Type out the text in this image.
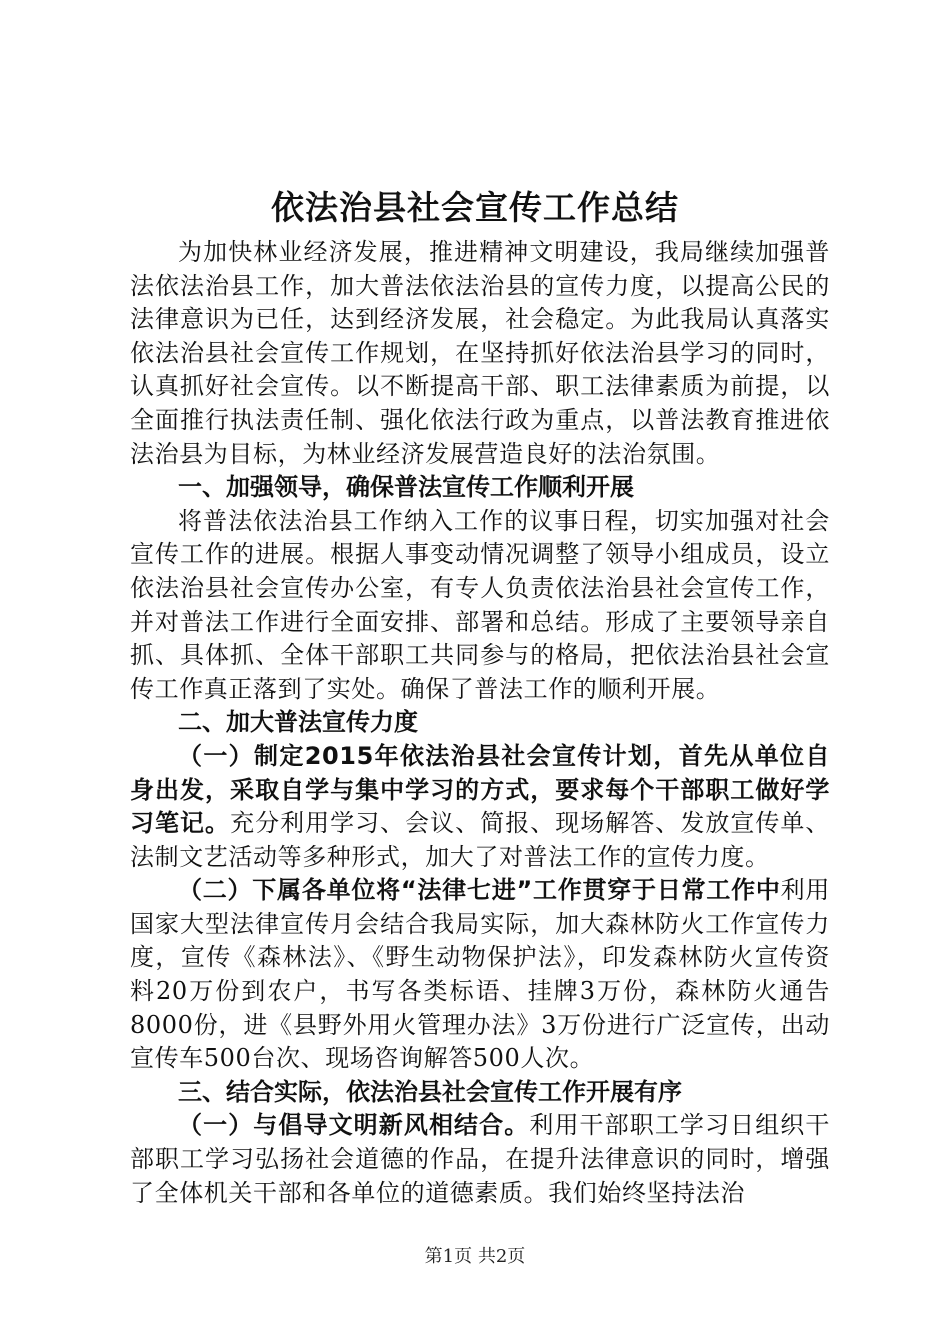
依法治县社会宣传工作总结

为加快林业经济发展，推进精神文明建设，我局继续加强普法依法治县工作，加大普法依法治县的宣传力度，以提高公民的法律意识为已任，达到经济发展，社会稳定。为此我局认真落实依法治县社会宣传工作规划，在坚持抓好依法治县学习的同时，认真抓好社会宣传。以不断提高干部、职工法律素质为前提，以全面推行执法责任制、强化依法行政为重点，以普法教育推进依法治县为目标，为林业经济发展营造良好的法治氛围。

一、加强领导，确保普法宣传工作顺利开展

将普法依法治县工作纳入工作的议事日程，切实加强对社会宣传工作的进展。根据人事变动情况调整了领导小组成员，设立依法治县社会宣传办公室，有专人负责依法治县社会宣传工作，并对普法工作进行全面安排、部署和总结。形成了主要领导亲自抓、具体抓、全体干部职工共同参与的格局，把依法治县社会宣传工作真正落到了实处。确保了普法工作的顺利开展。

二、加大普法宣传力度

（一）制定2015年依法治县社会宣传计划，首先从单位自身出发，采取自学与集中学习的方式，要求每个干部职工做好学习笔记。充分利用学习、会议、简报、现场解答、发放宣传单、法制文艺活动等多种形式，加大了对普法工作的宣传力度。

（二）下属各单位将“法律七进”工作贯穿于日常工作中利用国家大型法律宣传月会结合我局实际，加大森林防火工作宣传力度，宣传《森林法》、《野生动物保护法》，印发森林防火宣传资料20万份到农户，书写各类标语、挂牌3万份，森林防火通告8000份，进《县野外用火管理办法》3万份进行广泛宣传，出动宣传车500台次、现场咨询解答500人次。

三、结合实际，依法治县社会宣传工作开展有序

（一）与倡导文明新风相结合。利用干部职工学习日组织干部职工学习弘扬社会道德的作品，在提升法律意识的同时，增强了全体机关干部和各单位的道德素质。我们始终坚持法治

第1页 共2页
